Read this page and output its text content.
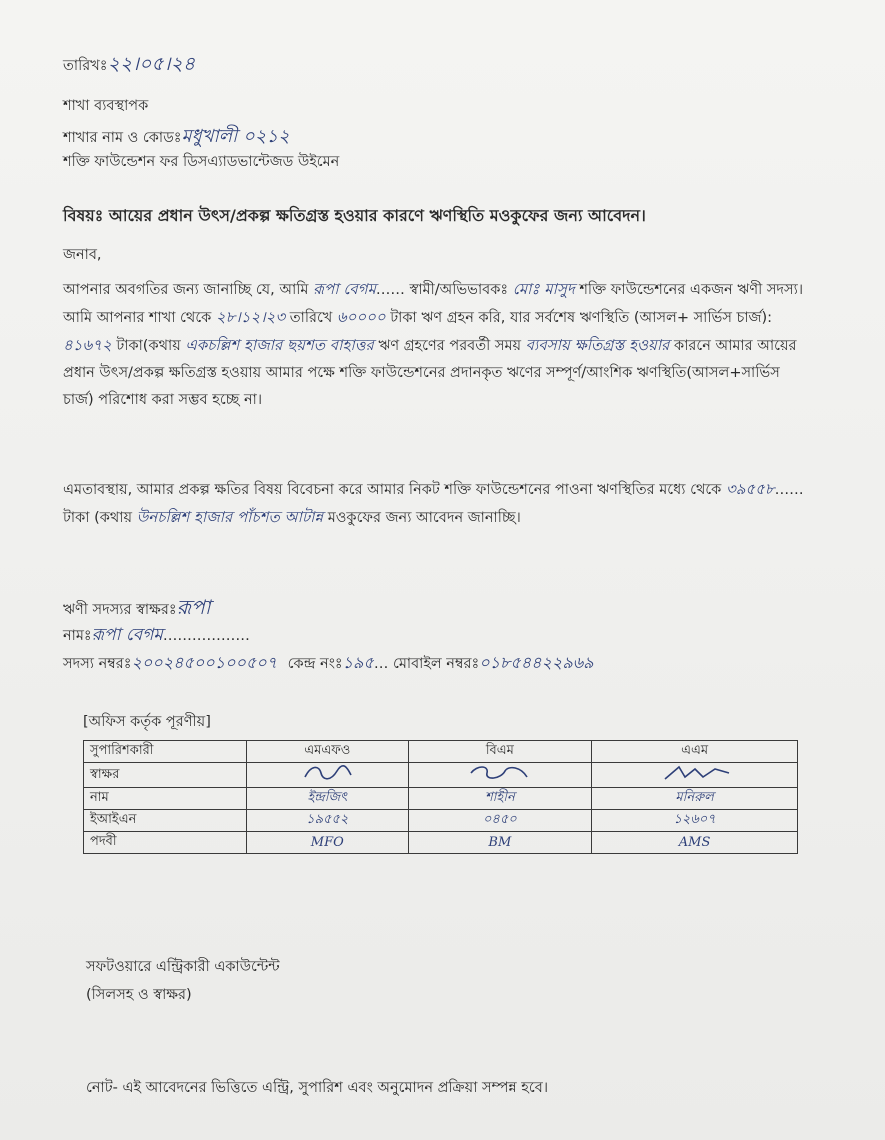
তারিখঃ২২।০৫।২৪
শাখা ব্যবস্থাপক
শাখার নাম ও কোডঃমধুখালী ০২১২
শক্তি ফাউন্ডেশন ফর ডিসএ্যাডভান্টেজড উইমেন
বিষয়ঃ আয়ের প্রধান উৎস/প্রকল্প ক্ষতিগ্রস্ত হওয়ার কারণে ঋণস্থিতি মওকুফের জন্য আবেদন।
জনাব,
আপনার অবগতির জন্য জানাচ্ছি যে, আমি রূপা বেগম…… স্বামী/অভিভাবকঃ মোঃ মাসুদ শক্তি ফাউন্ডেশনের একজন ঋণী সদস্য। আমি আপনার শাখা থেকে ২৮।১২।২৩ তারিখে ৬০০০০ টাকা ঋণ গ্রহন করি, যার সর্বশেষ ঋণস্থিতি (আসল+ সার্ভিস চার্জ): ৪১৬৭২ টাকা(কথায় একচল্লিশ হাজার ছয়শত বাহাত্তর ঋণ গ্রহণের পরবর্তী সময় ব্যবসায় ক্ষতিগ্রস্ত হওয়ার কারনে আমার আয়ের প্রধান উৎস/প্রকল্প ক্ষতিগ্রস্ত হওয়ায় আমার পক্ষে শক্তি ফাউন্ডেশনের প্রদানকৃত ঋণের সম্পূর্ণ/আংশিক ঋণস্থিতি(আসল+সার্ভিস চার্জ) পরিশোধ করা সম্ভব হচ্ছে না।
এমতাবস্থায়, আমার প্রকল্প ক্ষতির বিষয় বিবেচনা করে আমার নিকট শক্তি ফাউন্ডেশনের পাওনা ঋণস্থিতির মধ্যে থেকে ৩৯৫৫৮…… টাকা (কথায় উনচল্লিশ হাজার পাঁচশত আটান্ন মওকুফের জন্য আবেদন জানাচ্ছি।
ঋণী সদস্যর স্বাক্ষরঃরূপা
নামঃরূপা বেগম………………
সদস্য নম্বরঃ২০০২৪৫০০১০০৫০৭ কেন্দ্র নংঃ১৯৫… মোবাইল নম্বরঃ০১৮৫৪৪২২৯৬৯
[অফিস কর্তৃক পূরণীয়]
সুপারিশকারী	এমএফও	বিএম	এএম
স্বাক্ষর			
নাম	ইন্দ্রজিৎ	শাহীন	মনিরুল
ইআইএন	১৯৫৫২	০৪৫০	১২৬০৭
পদবী	MFO	BM	AMS
সফটওয়ারে এন্ট্রিকারী একাউন্টেন্ট
(সিলসহ ও স্বাক্ষর)
নোট- এই আবেদনের ভিত্তিতে এন্ট্রি, সুপারিশ এবং অনুমোদন প্রক্রিয়া সম্পন্ন হবে।
